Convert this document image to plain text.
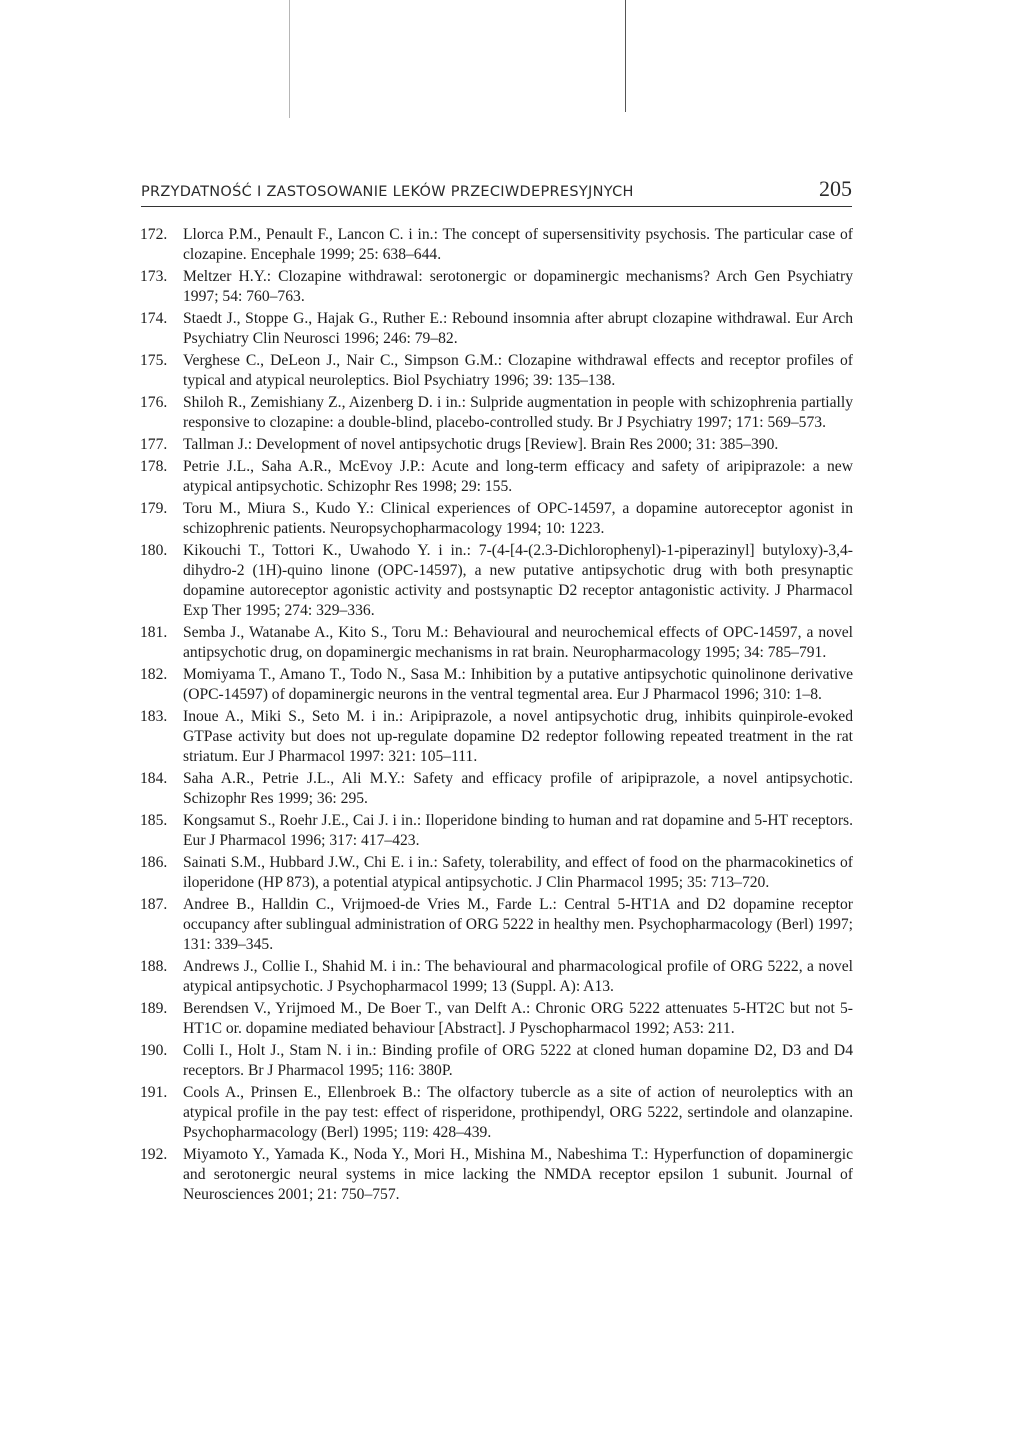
PRZYDATNOŚĆ I ZASTOSOWANIE LEKÓW PRZECIWDEPRESYJNYCH	205
172.	Llorca P.M., Penault F., Lancon C. i in.: The concept of supersensitivity psychosis. The particular case of clozapine. Encephale 1999; 25: 638–644.
173.	Meltzer H.Y.: Clozapine withdrawal: serotonergic or dopaminergic mechanisms? Arch Gen Psychiatry 1997; 54: 760–763.
174.	Staedt J., Stoppe G., Hajak G., Ruther E.: Rebound insomnia after abrupt clozapine withdrawal. Eur Arch Psychiatry Clin Neurosci 1996; 246: 79–82.
175.	Verghese C., DeLeon J., Nair C., Simpson G.M.: Clozapine withdrawal effects and receptor profiles of typical and atypical neuroleptics. Biol Psychiatry 1996; 39: 135–138.
176.	Shiloh R., Zemishiany Z., Aizenberg D. i in.: Sulpride augmentation in people with schizophrenia partially responsive to clozapine: a double-blind, placebo-controlled study. Br J Psychiatry 1997; 171: 569–573.
177.	Tallman J.: Development of novel antipsychotic drugs [Review]. Brain Res 2000; 31: 385–390.
178.	Petrie J.L., Saha A.R., McEvoy J.P.: Acute and long-term efficacy and safety of aripiprazole: a new atypical antipsychotic. Schizophr Res 1998; 29: 155.
179.	Toru M., Miura S., Kudo Y.: Clinical experiences of OPC-14597, a dopamine autoreceptor agonist in schizophrenic patients. Neuropsychopharmacology 1994; 10: 1223.
180.	Kikouchi T., Tottori K., Uwahodo Y. i in.: 7-(4-[4-(2.3-Dichlorophenyl)-1-piperazinyl] butyloxy)-3,4-dihydro-2 (1H)-quino linone (OPC-14597), a new putative antipsychotic drug with both presynaptic dopamine autoreceptor agonistic activity and postsynaptic D2 receptor antagonistic activity. J Pharmacol Exp Ther 1995; 274: 329–336.
181.	Semba J., Watanabe A., Kito S., Toru M.: Behavioural and neurochemical effects of OPC-14597, a novel antipsychotic drug, on dopaminergic mechanisms in rat brain. Neuropharmacology 1995; 34: 785–791.
182.	Momiyama T., Amano T., Todo N., Sasa M.: Inhibition by a putative antipsychotic quinolinone derivative (OPC-14597) of dopaminergic neurons in the ventral tegmental area. Eur J Pharmacol 1996; 310: 1–8.
183.	Inoue A., Miki S., Seto M. i in.: Aripiprazole, a novel antipsychotic drug, inhibits quinpirole-evoked GTPase activity but does not up-regulate dopamine D2 redeptor following repeated treatment in the rat striatum. Eur J Pharmacol 1997: 321: 105–111.
184.	Saha A.R., Petrie J.L., Ali M.Y.: Safety and efficacy profile of aripiprazole, a novel antipsychotic. Schizophr Res 1999; 36: 295.
185.	Kongsamut S., Roehr J.E., Cai J. i in.: Iloperidone binding to human and rat dopamine and 5-HT receptors. Eur J Pharmacol 1996; 317: 417–423.
186.	Sainati S.M., Hubbard J.W., Chi E. i in.: Safety, tolerability, and effect of food on the pharmacokinetics of iloperidone (HP 873), a potential atypical antipsychotic. J Clin Pharmacol 1995; 35: 713–720.
187.	Andree B., Halldin C., Vrijmoed-de Vries M., Farde L.: Central 5-HT1A and D2 dopamine receptor occupancy after sublingual administration of ORG 5222 in healthy men. Psychopharmacology (Berl) 1997; 131: 339–345.
188.	Andrews J., Collie I., Shahid M. i in.: The behavioural and pharmacological profile of ORG 5222, a novel atypical antipsychotic. J Psychopharmacol 1999; 13 (Suppl. A): A13.
189.	Berendsen V., Yrijmoed M., De Boer T., van Delft A.: Chronic ORG 5222 attenuates 5-HT2C but not 5-HT1C or. dopamine mediated behaviour [Abstract]. J Pyschopharmacol 1992; A53: 211.
190.	Colli I., Holt J., Stam N. i in.: Binding profile of ORG 5222 at cloned human dopamine D2, D3 and D4 receptors. Br J Pharmacol 1995; 116: 380P.
191.	Cools A., Prinsen E., Ellenbroek B.: The olfactory tubercle as a site of action of neuroleptics with an atypical profile in the pay test: effect of risperidone, prothipendyl, ORG 5222, sertindole and olanzapine. Psychopharmacology (Berl) 1995; 119: 428–439.
192.	Miyamoto Y., Yamada K., Noda Y., Mori H., Mishina M., Nabeshima T.: Hyperfunction of dopaminergic and serotonergic neural systems in mice lacking the NMDA receptor epsilon 1 subunit. Journal of Neurosciences 2001; 21: 750–757.
